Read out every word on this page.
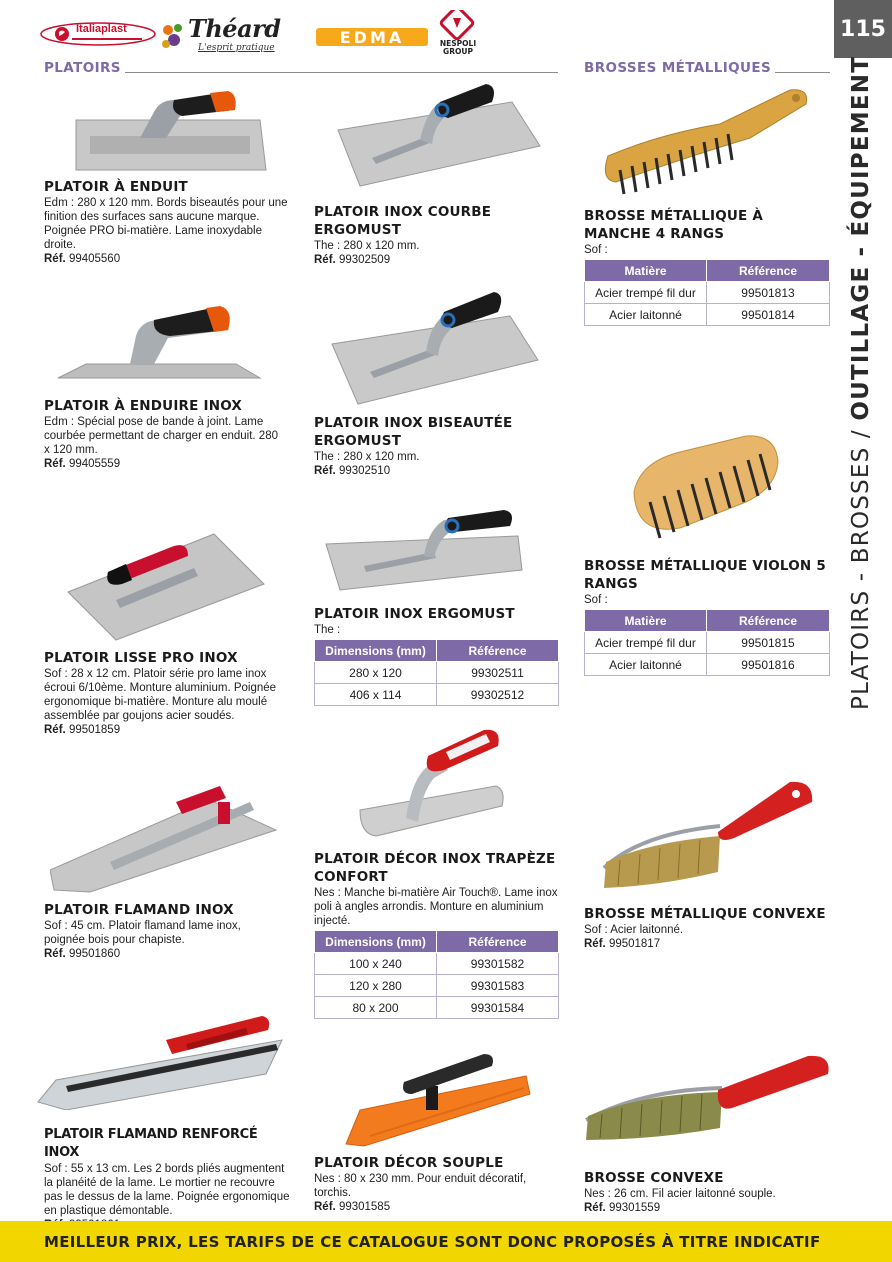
Italiaplast	Théard
L'esprit pratique
EDMA	NESPOLI GROUP
115
PLATOIRS - BROSSES / OUTILLAGE - ÉQUIPEMENT
PLATOIRS	BROSSES MÉTALLIQUES
PLATOIR À ENDUIT
Edm : 280 x 120 mm. Bords biseautés pour une finition des surfaces sans aucune marque. Poignée PRO bi-matière. Lame inoxydable droite.
Réf. 99405560
PLATOIR À ENDUIRE INOX
Edm : Spécial pose de bande à joint. Lame courbée permettant de charger en enduit. 280 x 120 mm.
Réf. 99405559
PLATOIR LISSE PRO INOX
Sof : 28 x 12 cm. Platoir série pro lame inox écroui 6/10ème. Monture aluminium. Poignée ergonomique bi-matière. Monture alu moulé assemblée par goujons acier soudés.
Réf. 99501859
PLATOIR FLAMAND INOX
Sof : 45 cm. Platoir flamand lame inox, poignée bois pour chapiste.
Réf. 99501860
PLATOIR FLAMAND RENFORCÉ INOX
Sof : 55 x 13 cm. Les 2 bords pliés augmentent la planéité de la lame. Le mortier ne recouvre pas le dessus de la lame. Poignée ergonomique en plastique démontable.
PLATOIR INOX COURBE ERGOMUST
The : 280 x 120 mm.
Réf. 99302509
PLATOIR INOX BISEAUTÉE ERGOMUST
The : 280 x 120 mm.
Réf. 99302510
PLATOIR INOX ERGOMUST
The :
Dimensions (mm)	Référence
280 x 120	99302511
406 x 114	99302512
PLATOIR DÉCOR INOX TRAPÈZE CONFORT
Nes : Manche bi-matière Air Touch®. Lame inox poli à angles arrondis. Monture en aluminium injecté.
Dimensions (mm)	Référence
100 x 240	99301582
120 x 280	99301583
80 x 200	99301584
PLATOIR DÉCOR SOUPLE
Nes : 80 x 230 mm. Pour enduit décoratif, torchis.
Réf. 99301585
BROSSE MÉTALLIQUE À MANCHE 4 RANGS
Sof :
Matière	Référence
Acier trempé fil dur	99501813
Acier laitonné	99501814
BROSSE MÉTALLIQUE VIOLON 5 RANGS
Sof :
Matière	Référence
Acier trempé fil dur	99501815
Acier laitonné	99501816
BROSSE MÉTALLIQUE CONVEXE
Sof : Acier laitonné.
Réf. 99501817
BROSSE CONVEXE
Nes : 26 cm. Fil acier laitonné souple.
Réf. 99301559
MEILLEUR PRIX, LES TARIFS DE CE CATALOGUE SONT DONC PROPOSÉS À TITRE INDICATIF
